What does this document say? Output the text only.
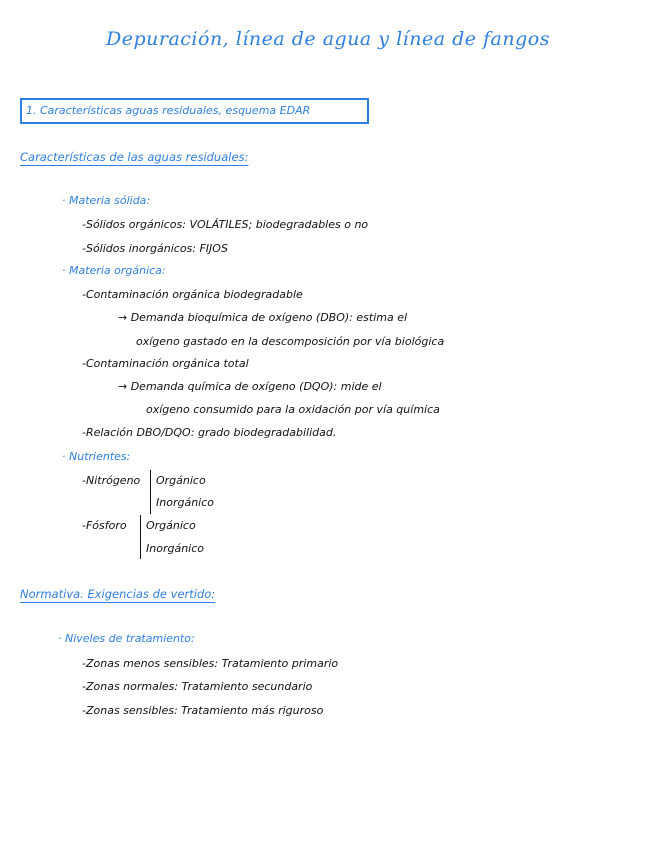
Depuración, línea de agua y línea de fangos
1. Características aguas residuales, esquema EDAR
Características de las aguas residuales:
· Materia sólida:
-Sólidos orgánicos: VOLÁTILES; biodegradables o no
-Sólidos inorgánicos: FIJOS
· Materia orgánica:
-Contaminación orgánica biodegradable
→ Demanda bioquímica de oxígeno (DBO): estima el
oxígeno gastado en la descomposición por vía biológica
-Contaminación orgánica total
→ Demanda química de oxígeno (DQO): mide el
oxígeno consumido para la oxidación por vía química
-Relación DBO/DQO: grado biodegradabilidad.
· Nutrientes:
-Nitrógeno Orgánico
Inorgánico
-Fósforo Orgánico
Inorgánico
Normativa. Exigencias de vertido:
· Niveles de tratamiento:
-Zonas menos sensibles: Tratamiento primario
-Zonas normales: Tratamiento secundario
-Zonas sensibles: Tratamiento más riguroso
